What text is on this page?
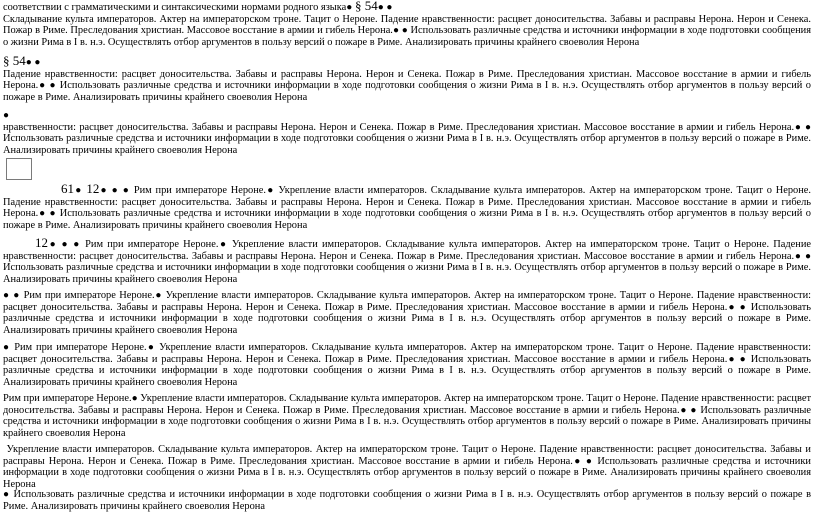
соответствии с грамматическими и синтаксическими нормами родного языка● § 54● ●
Складывание культа императоров. Актер на императорском троне. Тацит о Нероне. Падение нравственности: расцвет доносительства. Забавы и расправы Нерона. Нерон и Сенека. Пожар в Риме. Преследования христиан. Массовое восстание в армии и гибель Нерона.● ● Использовать различные средства и источники информации в ходе подготовки сообщения о жизни Рима в I в. н.э. Осуществлять отбор аргументов в пользу версий о пожаре в Риме. Анализировать причины крайнего своеволия Нерона

§ 54● ●
Падение нравственности: расцвет доносительства. Забавы и расправы Нерона. Нерон и Сенека. Пожар в Риме. Преследования христиан. Массовое восстание в армии и гибель Нерона.● ● Использовать различные средства и источники информации в ходе подготовки сообщения о жизни Рима в I в. н.э. Осуществлять отбор аргументов в пользу версий о пожаре в Риме. Анализировать причины крайнего своеволия Нерона

●
нравственности: расцвет доносительства. Забавы и расправы Нерона. Нерон и Сенека. Пожар в Риме. Преследования христиан. Массовое восстание в армии и гибель Нерона.● ● Использовать различные средства и источники информации в ходе подготовки сообщения о жизни Рима в I в. н.э. Осуществлять отбор аргументов в пользу версий о пожаре в Риме. Анализировать причины крайнего своеволия Нерона

61● 12● ● ● Рим при императоре Нероне.● Укрепление власти императоров. Складывание культа императоров. Актер на императорском троне. Тацит о Нероне. Падение нравственности: расцвет доносительства. Забавы и расправы Нерона. Нерон и Сенека. Пожар в Риме. Преследования христиан. Массовое восстание в армии и гибель Нерона.● ● Использовать различные средства и источники информации в ходе подготовки сообщения о жизни Рима в I в. н.э. Осуществлять отбор аргументов в пользу версий о пожаре в Риме. Анализировать причины крайнего своеволия Нерона

12● ● ● Рим при императоре Нероне.● Укрепление власти императоров. Складывание культа императоров. Актер на императорском троне. Тацит о Нероне. Падение нравственности: расцвет доносительства. Забавы и расправы Нерона. Нерон и Сенека. Пожар в Риме. Преследования христиан. Массовое восстание в армии и гибель Нерона.● ● Использовать различные средства и источники информации в ходе подготовки сообщения о жизни Рима в I в. н.э. Осуществлять отбор аргументов в пользу версий о пожаре в Риме. Анализировать причины крайнего своеволия Нерона

● ● Рим при императоре Нероне.● Укрепление власти императоров. Складывание культа императоров. Актер на императорском троне. Тацит о Нероне. Падение нравственности: расцвет доносительства. Забавы и расправы Нерона. Нерон и Сенека. Пожар в Риме. Преследования христиан. Массовое восстание в армии и гибель Нерона.● ● Использовать различные средства и источники информации в ходе подготовки сообщения о жизни Рима в I в. н.э. Осуществлять отбор аргументов в пользу версий о пожаре в Риме. Анализировать причины крайнего своеволия Нерона

● Рим при императоре Нероне.● Укрепление власти императоров. Складывание культа императоров. Актер на императорском троне. Тацит о Нероне. Падение нравственности: расцвет доносительства. Забавы и расправы Нерона. Нерон и Сенека. Пожар в Риме. Преследования христиан. Массовое восстание в армии и гибель Нерона.● ● Использовать различные средства и источники информации в ходе подготовки сообщения о жизни Рима в I в. н.э. Осуществлять отбор аргументов в пользу версий о пожаре в Риме. Анализировать причины крайнего своеволия Нерона

Рим при императоре Нероне.● Укрепление власти императоров. Складывание культа императоров. Актер на императорском троне. Тацит о Нероне. Падение нравственности: расцвет доносительства. Забавы и расправы Нерона. Нерон и Сенека. Пожар в Риме. Преследования христиан. Массовое восстание в армии и гибель Нерона.● ● Использовать различные средства и источники информации в ходе подготовки сообщения о жизни Рима в I в. н.э. Осуществлять отбор аргументов в пользу версий о пожаре в Риме. Анализировать причины крайнего своеволия Нерона

Укрепление власти императоров. Складывание культа императоров. Актер на императорском троне. Тацит о Нероне. Падение нравственности: расцвет доносительства. Забавы и расправы Нерона. Нерон и Сенека. Пожар в Риме. Преследования христиан. Массовое восстание в армии и гибель Нерона.● ● Использовать различные средства и источники информации в ходе подготовки сообщения о жизни Рима в I в. н.э. Осуществлять отбор аргументов в пользу версий о пожаре в Риме. Анализировать причины крайнего своеволия Нерона

● Использовать различные средства и источники информации в ходе подготовки сообщения о жизни Рима в I в. н.э. Осуществлять отбор аргументов в пользу версий о пожаре в Риме. Анализировать причины крайнего своеволия Нерона
